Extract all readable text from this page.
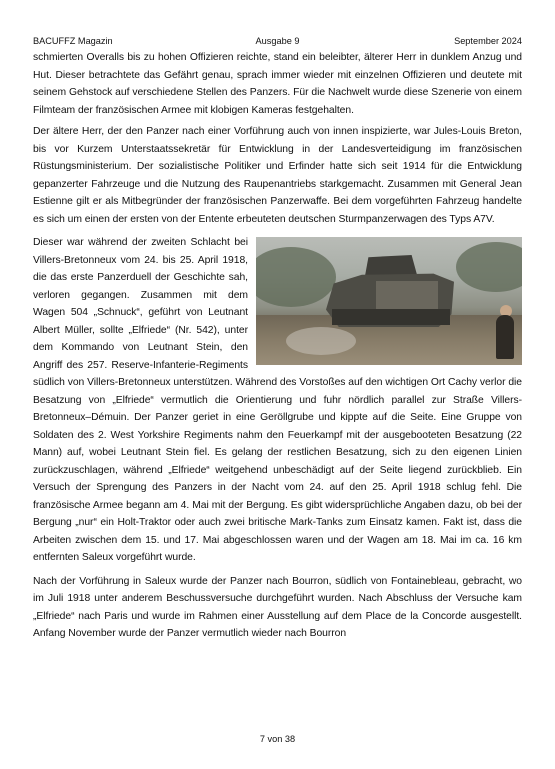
BACUFFZ Magazin	Ausgabe 9	September 2024

schmierten Overalls bis zu hohen Offizieren reichte, stand ein beleibter, älterer Herr in dunklem Anzug und Hut. Dieser betrachtete das Gefährt genau, sprach immer wieder mit einzelnen Offizieren und deutete mit seinem Gehstock auf verschiedene Stellen des Panzers. Für die Nachwelt wurde diese Szenerie von einem Filmteam der französischen Armee mit klobigen Kameras festgehalten.

Der ältere Herr, der den Panzer nach einer Vorführung auch von innen inspizierte, war Jules-Louis Breton, bis vor Kurzem Unterstaatssekretär für Entwicklung in der Landesverteidigung im französischen Rüstungsministerium. Der sozialistische Politiker und Erfinder hatte sich seit 1914 für die Entwicklung gepanzerter Fahrzeuge und die Nutzung des Raupenantriebs starkgemacht. Zusammen mit General Jean Estienne gilt er als Mitbegründer der französischen Panzerwaffe. Bei dem vorgeführten Fahrzeug handelte es sich um einen der ersten von der Entente erbeuteten deutschen Sturmpanzerwagen des Typs A7V.

Dieser war während der zweiten Schlacht bei Villers-Bretonneux vom 24. bis 25. April 1918, die das erste Panzerduell der Geschichte sah, verloren gegangen. Zusammen mit dem Wagen 504 „Schnuck“, geführt von Leutnant Albert Müller, sollte „Elfriede“ (Nr. 542), unter dem Kommando von Leutnant Stein, den Angriff des 257. Reserve-Infanterie-Regiments südlich von Villers-Bretonneux unterstützen. Während des Vorstoßes auf den wichtigen Ort Cachy verlor die Besatzung von „Elfriede“ vermutlich die Orientierung und fuhr nördlich parallel zur Straße Villers-Bretonneux–Démuin. Der Panzer geriet in eine Geröllgrube und kippte auf die Seite. Eine Gruppe von Soldaten des 2. West Yorkshire Regiments nahm den Feuerkampf mit der ausgebooteten Besatzung (22 Mann) auf, wobei Leutnant Stein fiel. Es gelang der restlichen Besatzung, sich zu den eigenen Linien zurückzuschlagen, während „Elfriede“ weitgehend unbeschädigt auf der Seite liegend zurückblieb. Ein Versuch der Sprengung des Panzers in der Nacht vom 24. auf den 25. April 1918 schlug fehl. Die französische Armee begann am 4. Mai mit der Bergung. Es gibt widersprüchliche Angaben dazu, ob bei der Bergung „nur“ ein Holt-Traktor oder auch zwei britische Mark-Tanks zum Einsatz kamen. Fakt ist, dass die Arbeiten zwischen dem 15. und 17. Mai abgeschlossen waren und der Wagen am 18. Mai im ca. 16 km entfernten Saleux vorgeführt wurde.

Nach der Vorführung in Saleux wurde der Panzer nach Bourron, südlich von Fontainebleau, gebracht, wo im Juli 1918 unter anderem Beschussversuche durchgeführt wurden. Nach Abschluss der Versuche kam „Elfriede“ nach Paris und wurde im Rahmen einer Ausstellung auf dem Place de la Concorde ausgestellt. Anfang November wurde der Panzer vermutlich wieder nach Bourron

7 von 38
